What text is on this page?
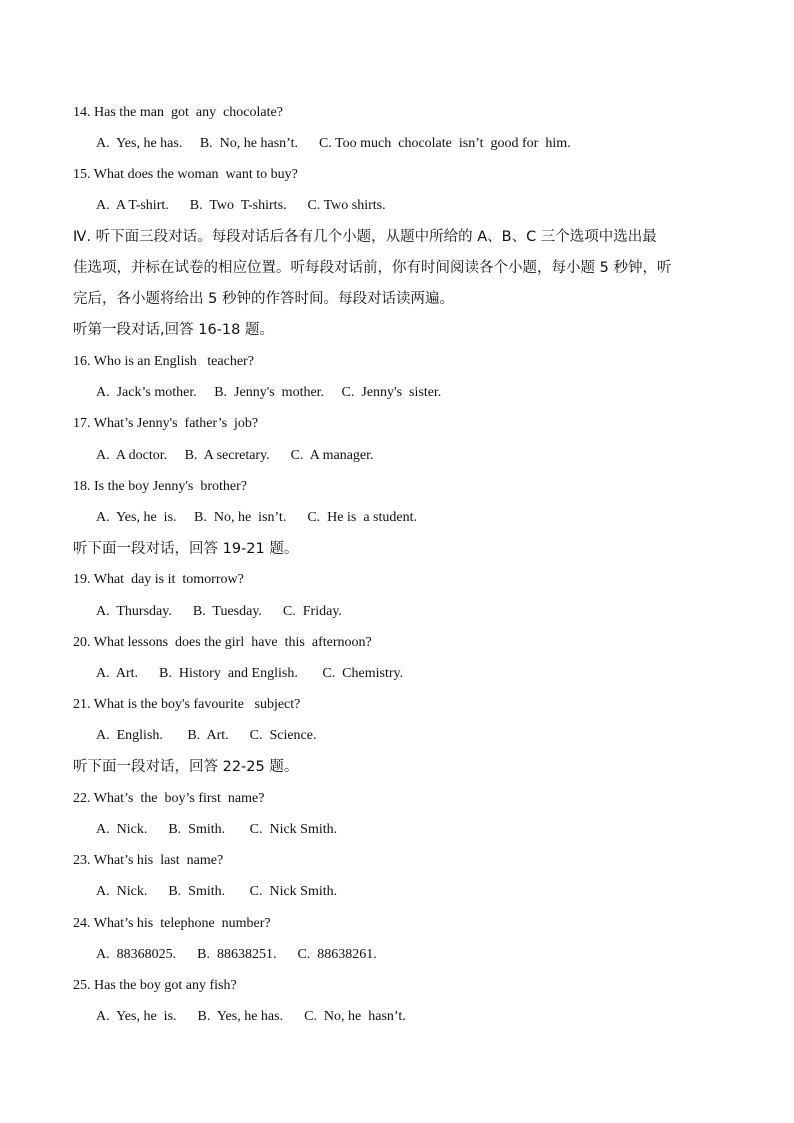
14. Has the man  got  any  chocolate?
A.  Yes, he has.     B.  No, he hasn’t.      C. Too much  chocolate  isn’t  good for  him.
15. What does the woman  want to buy?
A.  A T-shirt.      B.  Two  T-shirts.      C. Two shirts.
Ⅳ. 听下面三段对话。每段对话后各有几个小题，从题中所给的 A、B、C 三个选项中选出最
佳选项，并标在试卷的相应位置。听每段对话前，你有时间阅读各个小题，每小题 5 秒钟，听
完后，各小题将给出 5 秒钟的作答时间。每段对话读两遍。
听第一段对话,回答 16-18 题。
16. Who is an English   teacher?
A.  Jack’s mother.     B.  Jenny's  mother.     C.  Jenny's  sister.
17. What’s Jenny's  father’s  job?
A.  A doctor.     B.  A secretary.      C.  A manager.
18. Is the boy Jenny's  brother?
A.  Yes, he  is.     B.  No, he  isn’t.      C.  He is  a student.
听下面一段对话，回答 19-21 题。
19. What  day is it  tomorrow?
A.  Thursday.      B.  Tuesday.      C.  Friday.
20. What lessons  does the girl  have  this  afternoon?
A.  Art.      B.  History  and English.       C.  Chemistry.
21. What is the boy's favourite   subject?
A.  English.       B.  Art.      C.  Science.
听下面一段对话，回答 22-25 题。
22. What’s  the  boy’s first  name?
A.  Nick.      B.  Smith.       C.  Nick Smith.
23. What’s his  last  name?
A.  Nick.      B.  Smith.       C.  Nick Smith.
24. What’s his  telephone  number?
A.  88368025.      B.  88638251.      C.  88638261.
25. Has the boy got any fish?
A.  Yes, he  is.      B.  Yes, he has.      C.  No, he  hasn’t.
